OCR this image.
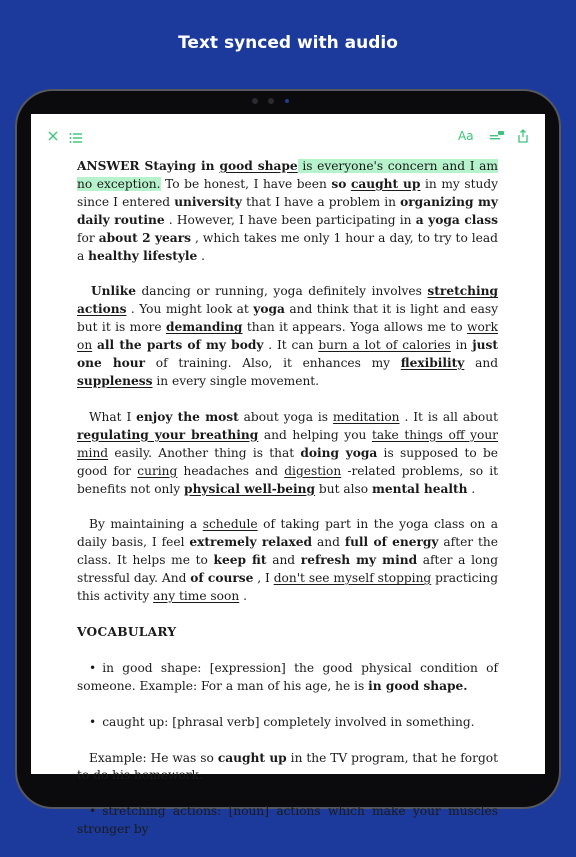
Text synced with audio
Aa

ANSWER Staying in good shape is everyone's concern and I am no exception. To be honest, I have been so caught up in my study since I entered university that I have a problem in organizing my daily routine . However, I have been participating in a yoga class for about 2 years , which takes me only 1 hour a day, to try to lead a healthy lifestyle .

Unlike dancing or running, yoga definitely involves stretching actions . You might look at yoga and think that it is light and easy but it is more demanding than it appears. Yoga allows me to work on all the parts of my body . It can burn a lot of calories in just one hour of training. Also, it enhances my flexibility and suppleness in every single movement.

What I enjoy the most about yoga is meditation . It is all about regulating your breathing and helping you take things off your mind easily. Another thing is that doing yoga is supposed to be good for curing headaches and digestion -related problems, so it benefits not only physical well-being but also mental health .

By maintaining a schedule of taking part in the yoga class on a daily basis, I feel extremely relaxed and full of energy after the class. It helps me to keep fit and refresh my mind after a long stressful day. And of course , I don't see myself stopping practicing this activity any time soon .

VOCABULARY

• in good shape: [expression] the good physical condition of someone. Example: For a man of his age, he is in good shape.

• caught up: [phrasal verb] completely involved in something.

Example: He was so caught up in the TV program, that he forgot to do his homework.

• stretching actions: [noun] actions which make your muscles stronger by
